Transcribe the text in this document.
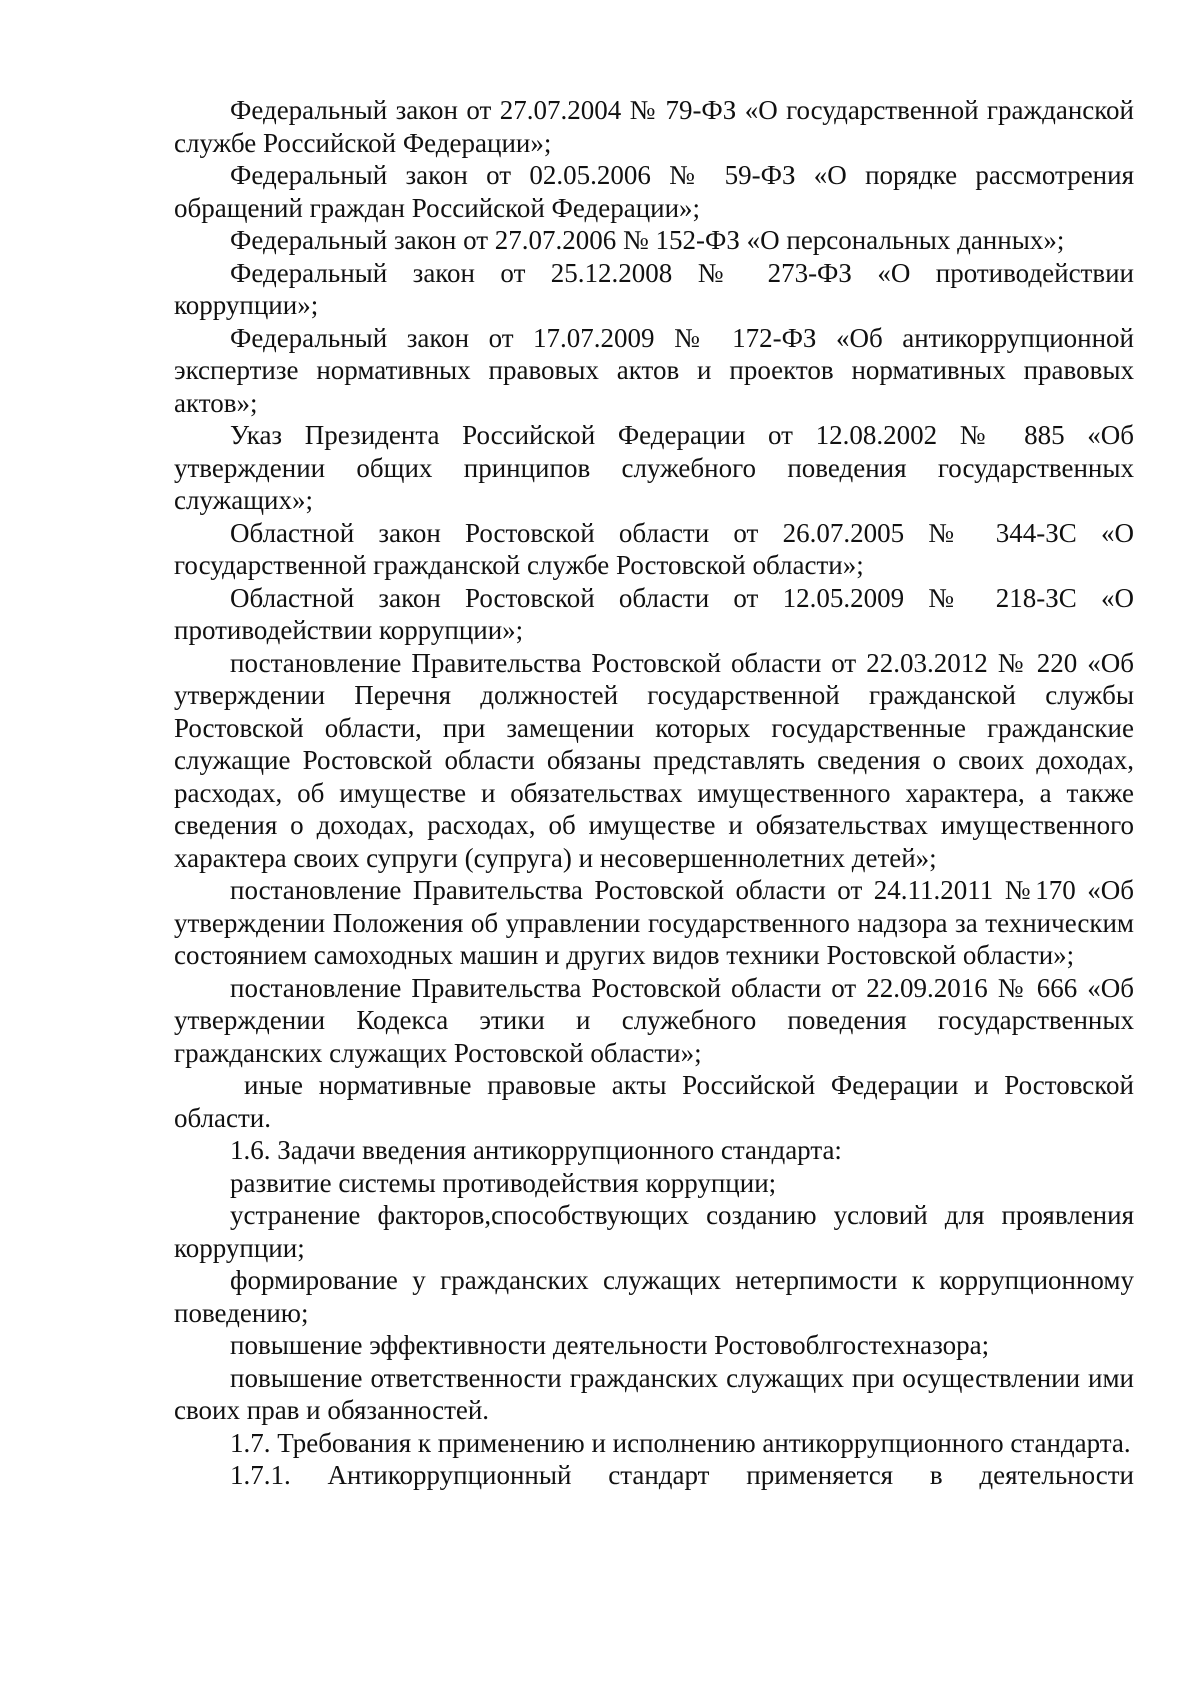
Федеральный закон от 27.07.2004 № 79-ФЗ «О государственной гражданской службе Российской Федерации»;

Федеральный закон от 02.05.2006 № 59-ФЗ «О порядке рассмотрения обращений граждан Российской Федерации»;

Федеральный закон от 27.07.2006 № 152-ФЗ «О персональных данных»;

Федеральный закон от 25.12.2008 № 273-ФЗ «О противодействии коррупции»;

Федеральный закон от 17.07.2009 № 172-ФЗ «Об антикоррупционной экспертизе нормативных правовых актов и проектов нормативных правовых актов»;

Указ Президента Российской Федерации от 12.08.2002 № 885 «Об утверждении общих принципов служебного поведения государственных служащих»;

Областной закон Ростовской области от 26.07.2005 № 344-ЗС «О государственной гражданской службе Ростовской области»;

Областной закон Ростовской области от 12.05.2009 № 218-ЗС «О противодействии коррупции»;

постановление Правительства Ростовской области от 22.03.2012 № 220 «Об утверждении Перечня должностей государственной гражданской службы Ростовской области, при замещении которых государственные гражданские служащие Ростовской области обязаны представлять сведения о своих доходах, расходах, об имуществе и обязательствах имущественного характера, а также сведения о доходах, расходах, об имуществе и обязательствах имущественного характера своих супруги (супруга) и несовершеннолетних детей»;

постановление Правительства Ростовской области от 24.11.2011 №170 «Об утверждении Положения об управлении государственного надзора за техническим состоянием самоходных машин и других видов техники Ростовской области»;

постановление Правительства Ростовской области от 22.09.2016 № 666 «Об утверждении Кодекса этики и служебного поведения государственных гражданских служащих Ростовской области»;

иные нормативные правовые акты Российской Федерации и Ростовской области.

1.6. Задачи введения антикоррупционного стандарта:

развитие системы противодействия коррупции;

устранение факторов,способствующих созданию условий для проявления коррупции;

формирование у гражданских служащих нетерпимости к коррупционному поведению;

повышение эффективности деятельности Ростовоблгостехназора;

повышение ответственности гражданских служащих при осуществлении ими своих прав и обязанностей.

1.7. Требования к применению и исполнению антикоррупционного стандарта.

1.7.1. Антикоррупционный стандарт применяется в деятельности
